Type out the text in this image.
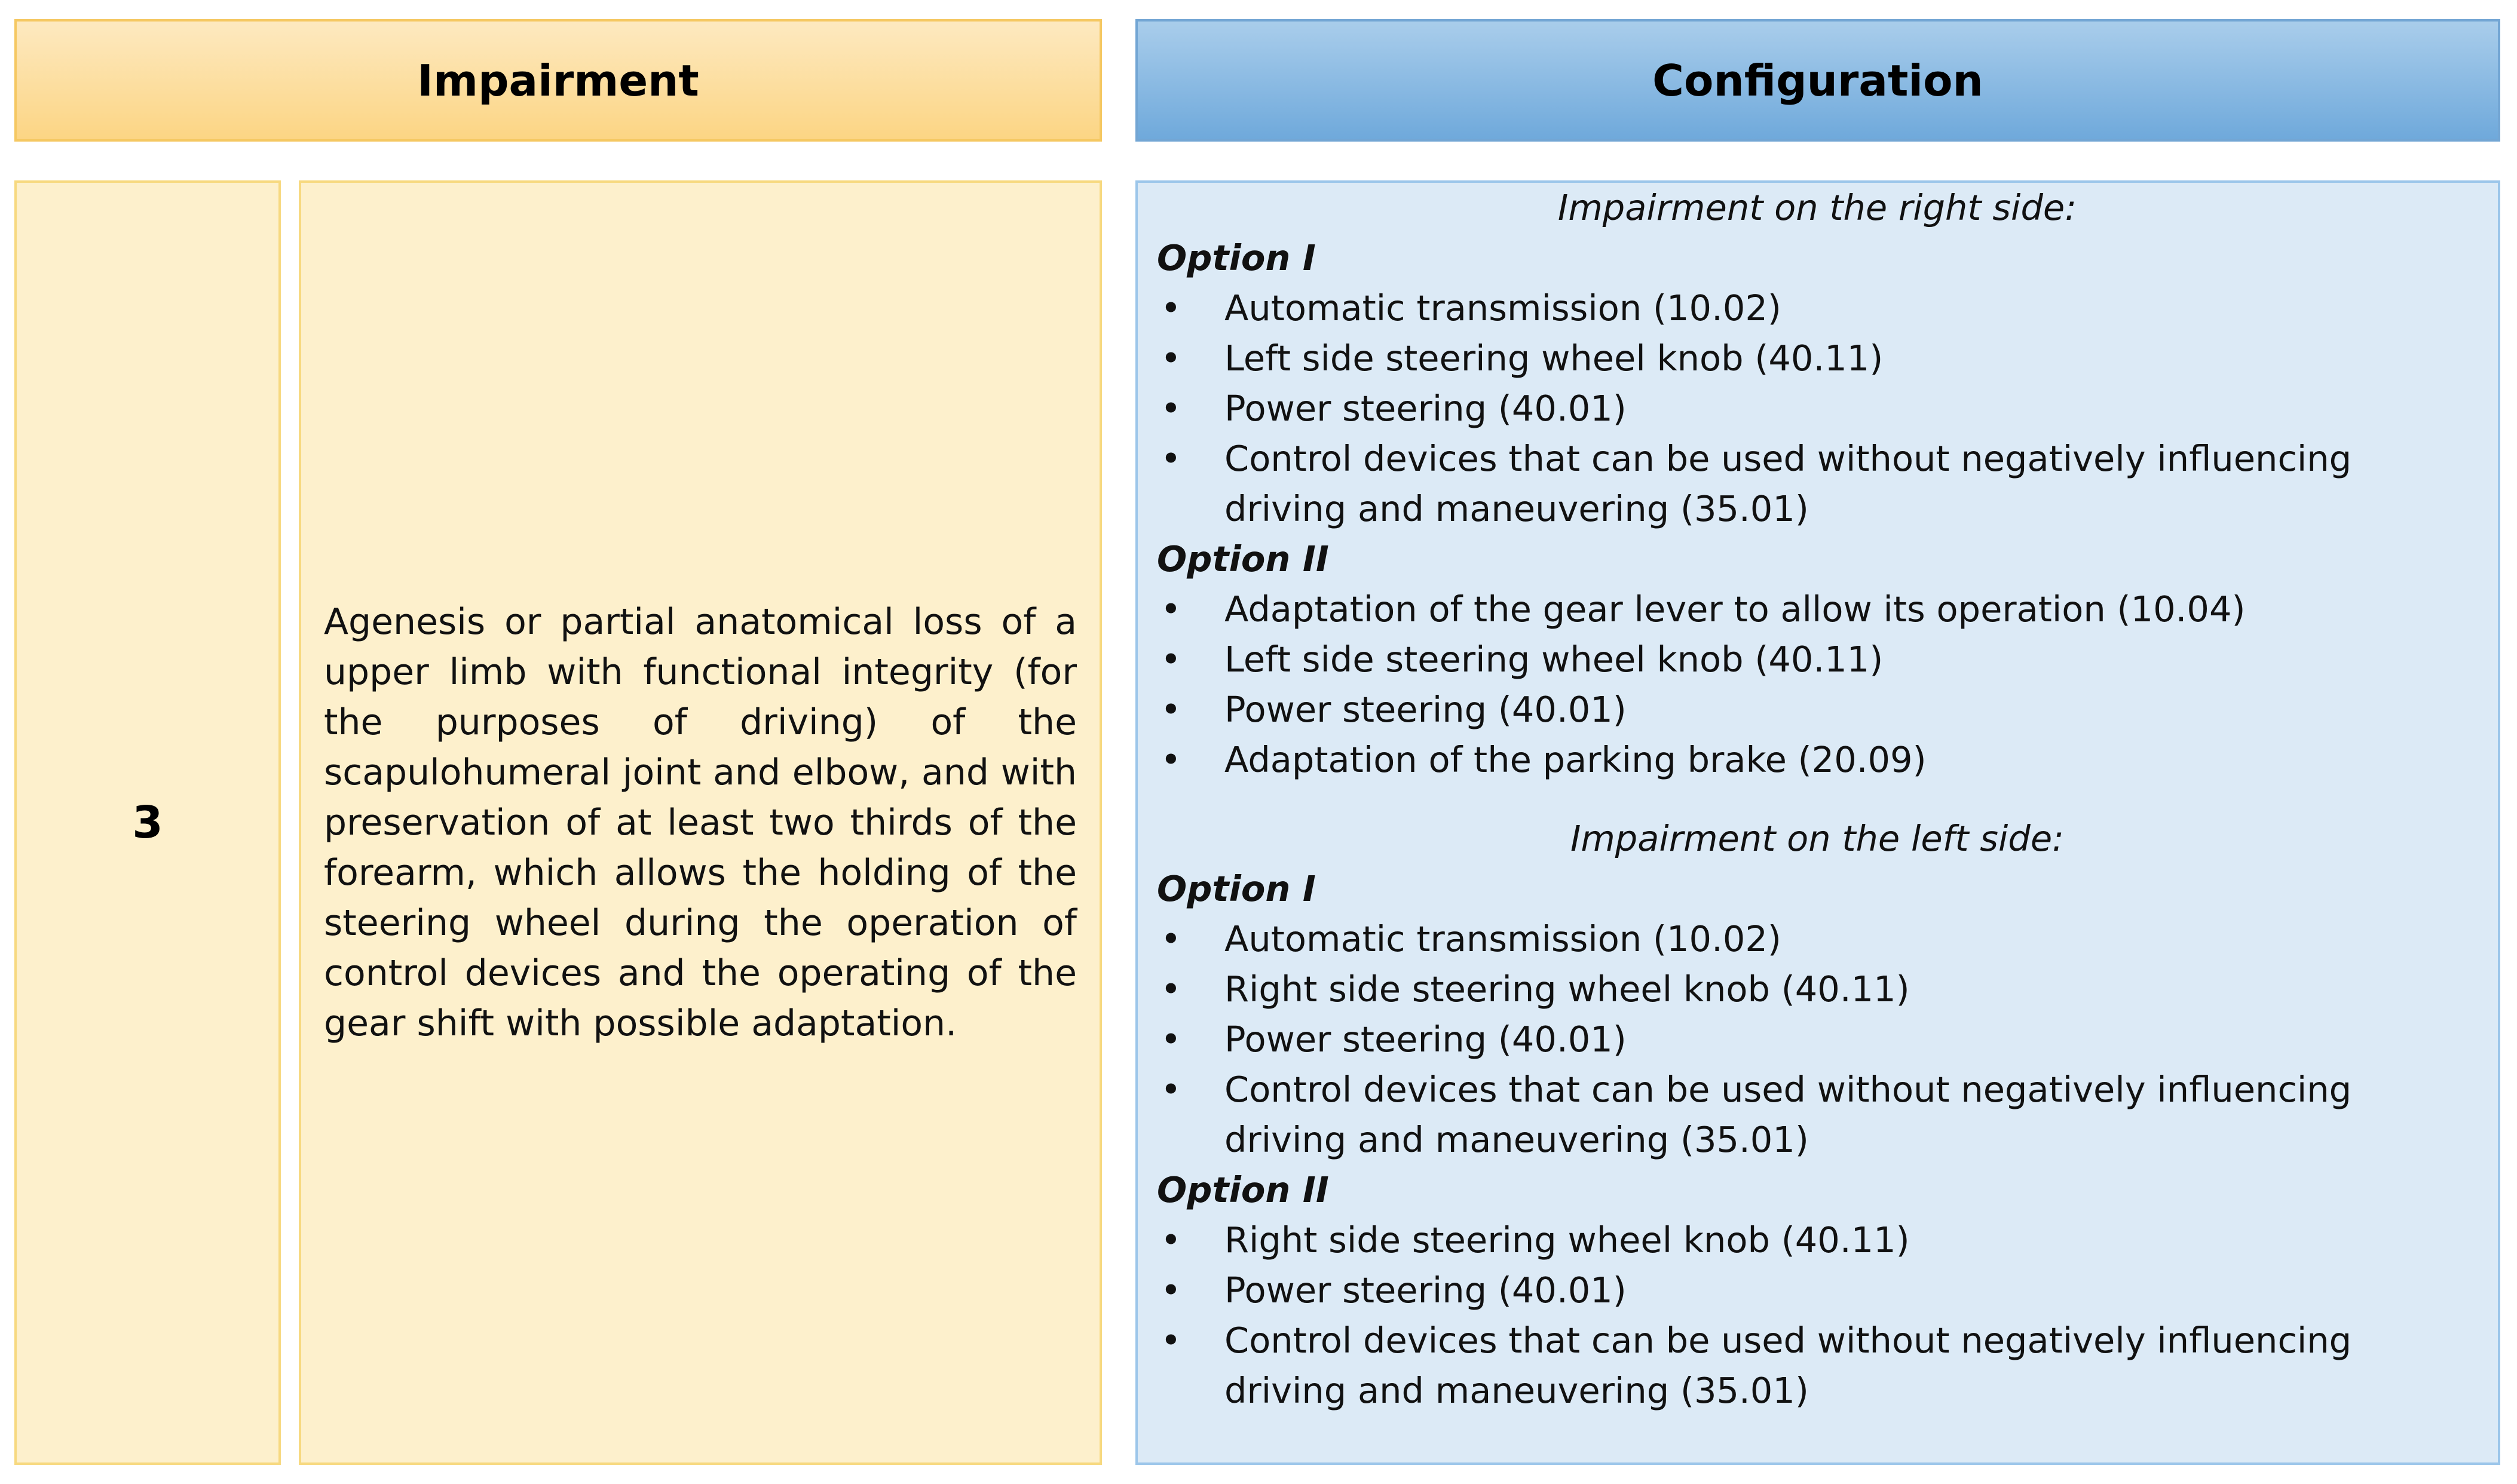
Impairment	Configuration
3
Agenesis or partial anatomical loss of a upper limb with functional integrity (for the purposes of driving) of the scapulohumeral joint and elbow, and with preservation of at least two thirds of the forearm, which allows the holding of the steering wheel during the operation of control devices and the operating of the gear shift with possible adaptation.
Impairment on the right side:
Option I
• Automatic transmission (10.02)
• Left side steering wheel knob (40.11)
• Power steering (40.01)
• Control devices that can be used without negatively influencing driving and maneuvering (35.01)
Option II
• Adaptation of the gear lever to allow its operation (10.04)
• Left side steering wheel knob (40.11)
• Power steering (40.01)
• Adaptation of the parking brake (20.09)
Impairment on the left side:
Option I
• Automatic transmission (10.02)
• Right side steering wheel knob (40.11)
• Power steering (40.01)
• Control devices that can be used without negatively influencing driving and maneuvering (35.01)
Option II
• Right side steering wheel knob (40.11)
• Power steering (40.01)
• Control devices that can be used without negatively influencing driving and maneuvering (35.01)
